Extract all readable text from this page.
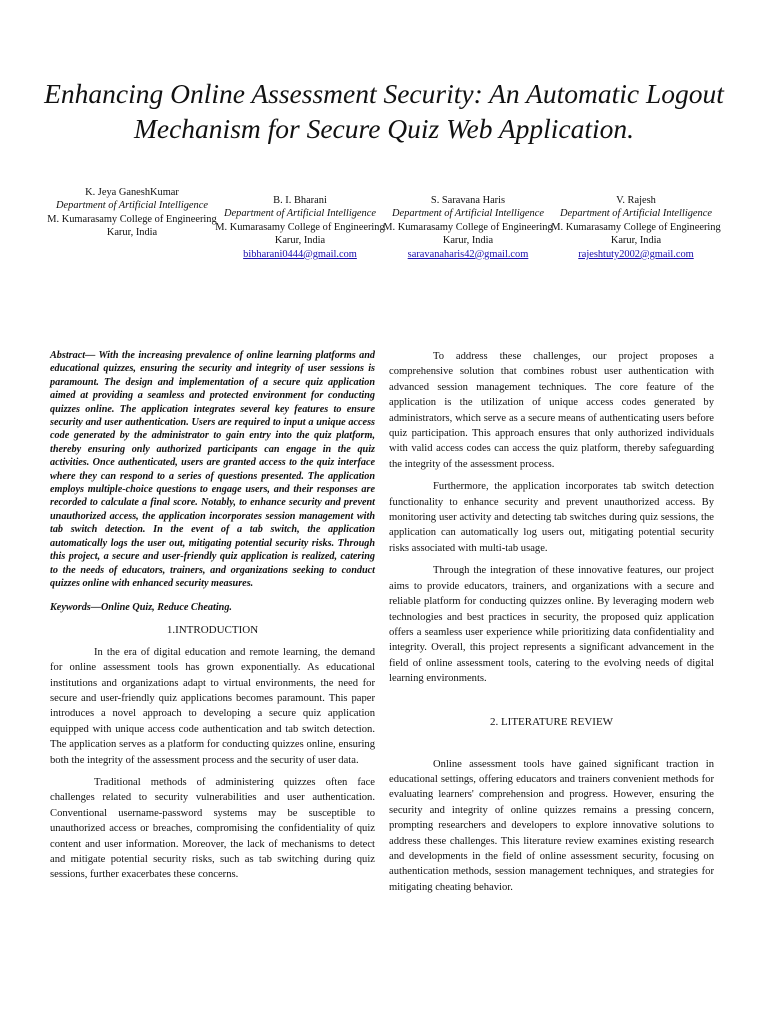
Enhancing Online Assessment Security: An Automatic Logout Mechanism for Secure Quiz Web Application.
K. Jeya GaneshKumar
Department of Artificial Intelligence
M. Kumarasamy College of Engineering
Karur, India
B. I. Bharani
Department of Artificial Intelligence
M. Kumarasamy College of Engineering
Karur, India
bibharani0444@gmail.com
S. Saravana Haris
Department of Artificial Intelligence
M. Kumarasamy College of Engineering
Karur, India
saravanaharis42@gmail.com
V. Rajesh
Department of Artificial Intelligence
M. Kumarasamy College of Engineering
Karur, India
rajeshtuty2002@gmail.com

Abstract— With the increasing prevalence of online learning platforms and educational quizzes, ensuring the security and integrity of user sessions is paramount. The design and implementation of a secure quiz application aimed at providing a seamless and protected environment for conducting quizzes online. The application integrates several key features to ensure security and user authentication. Users are required to input a unique access code generated by the administrator to gain entry into the quiz platform, thereby ensuring only authorized participants can engage in the quiz activities. Once authenticated, users are granted access to the quiz interface where they can respond to a series of questions presented. The application employs multiple-choice questions to engage users, and their responses are recorded to calculate a final score. Notably, to enhance security and prevent unauthorized access, the application incorporates session management with tab switch detection. In the event of a tab switch, the application automatically logs the user out, mitigating potential security risks. Through this project, a secure and user-friendly quiz application is realized, catering to the needs of educators, trainers, and organizations seeking to conduct quizzes online with enhanced security measures.

Keywords—Online Quiz, Reduce Cheating.

1.INTRODUCTION

In the era of digital education and remote learning, the demand for online assessment tools has grown exponentially. As educational institutions and organizations adapt to virtual environments, the need for secure and user-friendly quiz applications becomes paramount. This paper introduces a novel approach to developing a secure quiz application equipped with unique access code authentication and tab switch detection. The application serves as a platform for conducting quizzes online, ensuring both the integrity of the assessment process and the security of user data.

Traditional methods of administering quizzes often face challenges related to security vulnerabilities and user authentication. Conventional username-password systems may be susceptible to unauthorized access or breaches, compromising the confidentiality of quiz content and user information. Moreover, the lack of mechanisms to detect and mitigate potential security risks, such as tab switching during quiz sessions, further exacerbates these concerns.

To address these challenges, our project proposes a comprehensive solution that combines robust user authentication with advanced session management techniques. The core feature of the application is the utilization of unique access codes generated by administrators, which serve as a secure means of authenticating users before quiz participation. This approach ensures that only authorized individuals with valid access codes can access the quiz platform, thereby safeguarding the integrity of the assessment process.

Furthermore, the application incorporates tab switch detection functionality to enhance security and prevent unauthorized access. By monitoring user activity and detecting tab switches during quiz sessions, the application can automatically log users out, mitigating potential security risks associated with multi-tab usage.

Through the integration of these innovative features, our project aims to provide educators, trainers, and organizations with a secure and reliable platform for conducting quizzes online. By leveraging modern web technologies and best practices in security, the proposed quiz application offers a seamless user experience while prioritizing data confidentiality and integrity. Overall, this project represents a significant advancement in the field of online assessment tools, catering to the evolving needs of digital learning environments.

2. LITERATURE REVIEW

Online assessment tools have gained significant traction in educational settings, offering educators and trainers convenient methods for evaluating learners' comprehension and progress. However, ensuring the security and integrity of online quizzes remains a pressing concern, prompting researchers and developers to explore innovative solutions to address these challenges. This literature review examines existing research and developments in the field of online assessment security, focusing on authentication methods, session management techniques, and strategies for mitigating cheating behavior.
